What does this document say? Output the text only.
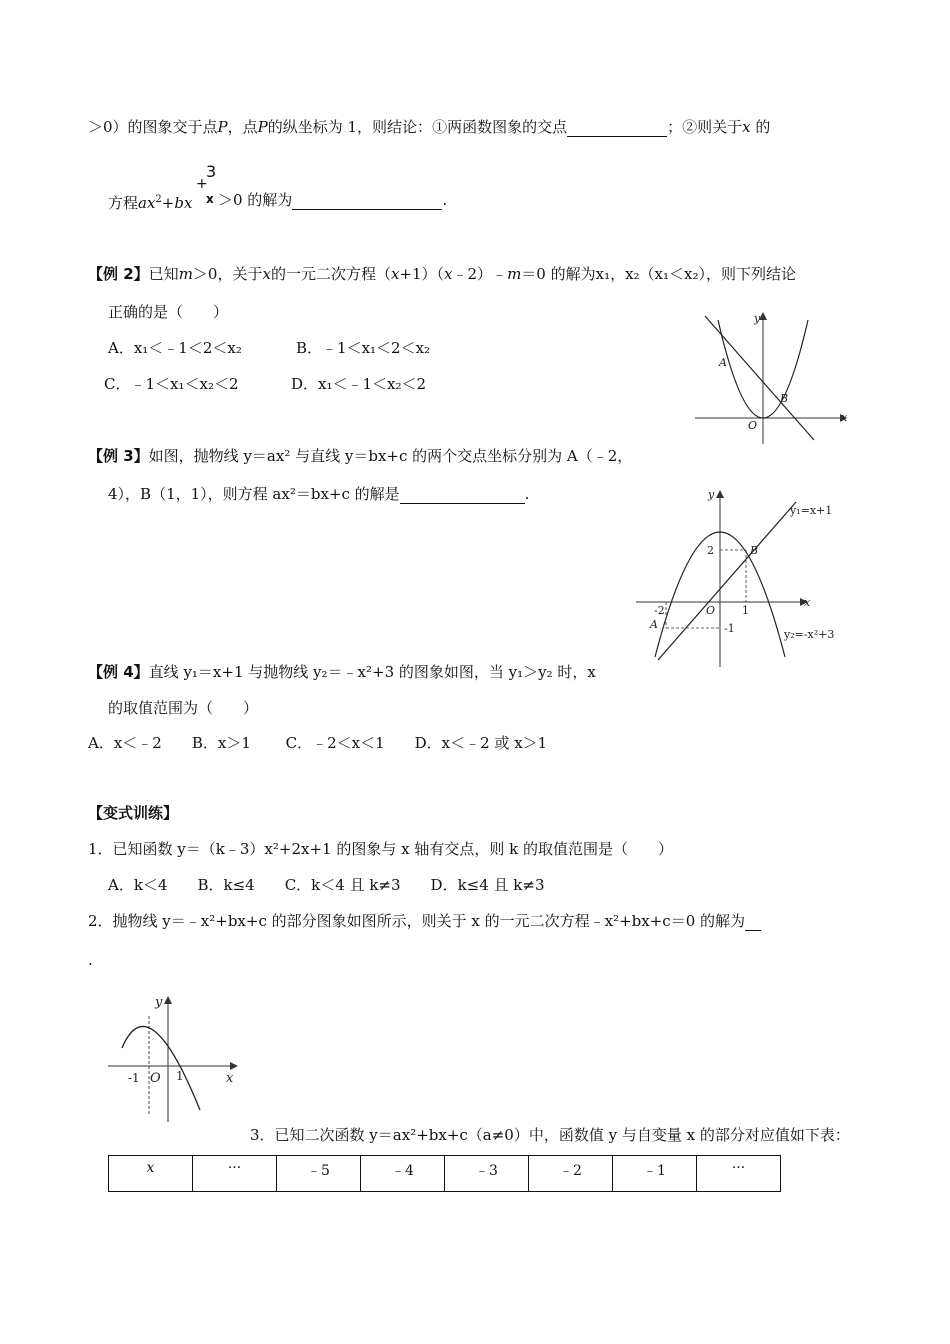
＞0）的图象交于点P，点P的纵坐标为 1，则结论：①两函数图象的交点	；②则关于x 的
方程$ax^2+bx$
+
3
x ＞0 的解为	.
【例 2】已知m＞0，关于x的一元二次方程（x+1）（x﹣2）﹣m＝0 的解为x₁，x₂（x₁＜x₂），则下列结论
正确的是（　　）
A．x₁＜﹣1＜2＜x₂	B．﹣1＜x₁＜2＜x₂
C．﹣1＜x₁＜x₂＜2	D．x₁＜﹣1＜x₂＜2
y
x
O
A
B
【例 3】如图，抛物线 y＝ax² 与直线 y＝bx+c 的两个交点坐标分别为 A（﹣2，
4），B（1，1），则方程 ax²＝bx+c 的解是	.	y
x
O
2
-2	1
-1
A
B
y₁=x+1
y₂=-x²+3
【例 4】直线 y₁＝x+1 与抛物线 y₂＝﹣x²+3 的图象如图，当 y₁＞y₂ 时，x
的取值范围为（　　）
A．x＜﹣2　　B．x＞1　　 C．﹣2＜x＜1　　D．x＜﹣2 或 x＞1
【变式训练】
1．已知函数 y＝（k﹣3）x²+2x+1 的图象与 x 轴有交点，则 k 的取值范围是（　　）
A．k＜4　　B．k≤4　　C．k＜4 且 k≠3　　D．k≤4 且 k≠3
2．抛物线 y＝﹣x²+bx+c 的部分图象如图所示，则关于 x 的一元二次方程﹣x²+bx+c＝0 的解为
.
y
x
O
-1	1
3．已知二次函数 y＝ax²+bx+c（a≠0）中，函数值 y 与自变量 x 的部分对应值如下表：
x	···	﹣5	﹣4	﹣3	﹣2	﹣1	···
